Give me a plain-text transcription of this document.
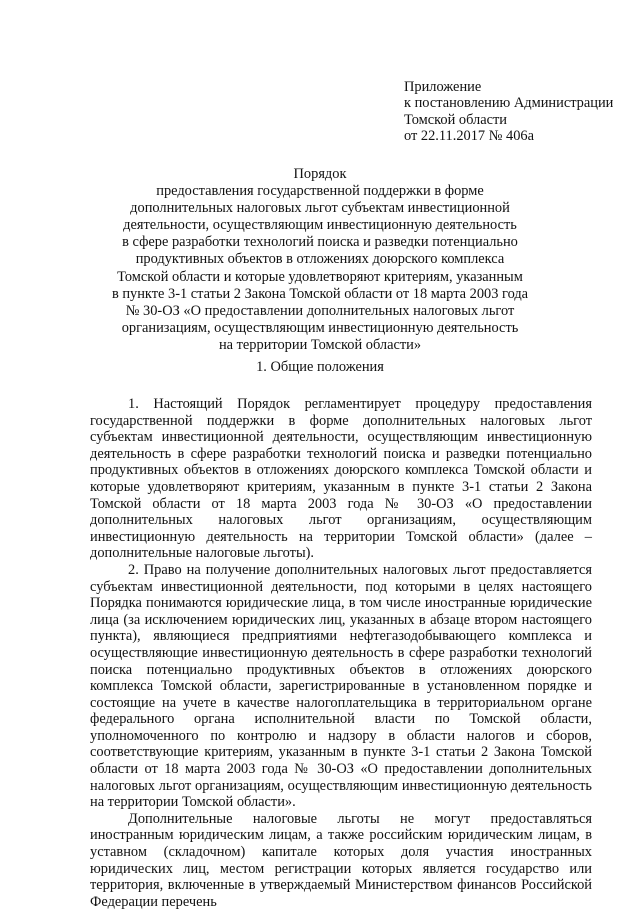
Приложение
к постановлению Администрации
Томской области
от 22.11.2017 № 406а
Порядок
предоставления государственной поддержки в форме
дополнительных налоговых льгот субъектам инвестиционной
деятельности, осуществляющим инвестиционную деятельность
в сфере разработки технологий поиска и разведки потенциально
продуктивных объектов в отложениях доюрского комплекса
Томской области и которые удовлетворяют критериям, указанным
в пункте 3-1 статьи 2 Закона Томской области от 18 марта 2003 года
№ 30-ОЗ «О предоставлении дополнительных налоговых льгот
организациям, осуществляющим инвестиционную деятельность
на территории Томской области»
1. Общие положения

1. Настоящий Порядок регламентирует процедуру предоставления государственной поддержки в форме дополнительных налоговых льгот субъектам инвестиционной деятельности, осуществляющим инвестиционную деятельность в сфере разработки технологий поиска и разведки потенциально продуктивных объектов в отложениях доюрского комплекса Томской области и которые удовлетворяют критериям, указанным в пункте 3-1 статьи 2 Закона Томской области от 18 марта 2003 года № 30-ОЗ «О предоставлении дополнительных налоговых льгот организациям, осуществляющим инвестиционную деятельность на территории Томской области» (далее – дополнительные налоговые льготы).

2. Право на получение дополнительных налоговых льгот предоставляется субъектам инвестиционной деятельности, под которыми в целях настоящего Порядка понимаются юридические лица, в том числе иностранные юридические лица (за исключением юридических лиц, указанных в абзаце втором настоящего пункта), являющиеся предприятиями нефтегазодобывающего комплекса и осуществляющие инвестиционную деятельность в сфере разработки технологий поиска потенциально продуктивных объектов в отложениях доюрского комплекса Томской области, зарегистрированные в установленном порядке и состоящие на учете в качестве налогоплательщика в территориальном органе федерального органа исполнительной власти по Томской области, уполномоченного по контролю и надзору в области налогов и сборов, соответствующие критериям, указанным в пункте 3-1 статьи 2 Закона Томской области от 18 марта 2003 года № 30-ОЗ «О предоставлении дополнительных налоговых льгот организациям, осуществляющим инвестиционную деятельность на территории Томской области».

Дополнительные налоговые льготы не могут предоставляться иностранным юридическим лицам, а также российским юридическим лицам, в уставном (складочном) капитале которых доля участия иностранных юридических лиц, местом регистрации которых является государство или территория, включенные в утверждаемый Министерством финансов Российской Федерации перечень
